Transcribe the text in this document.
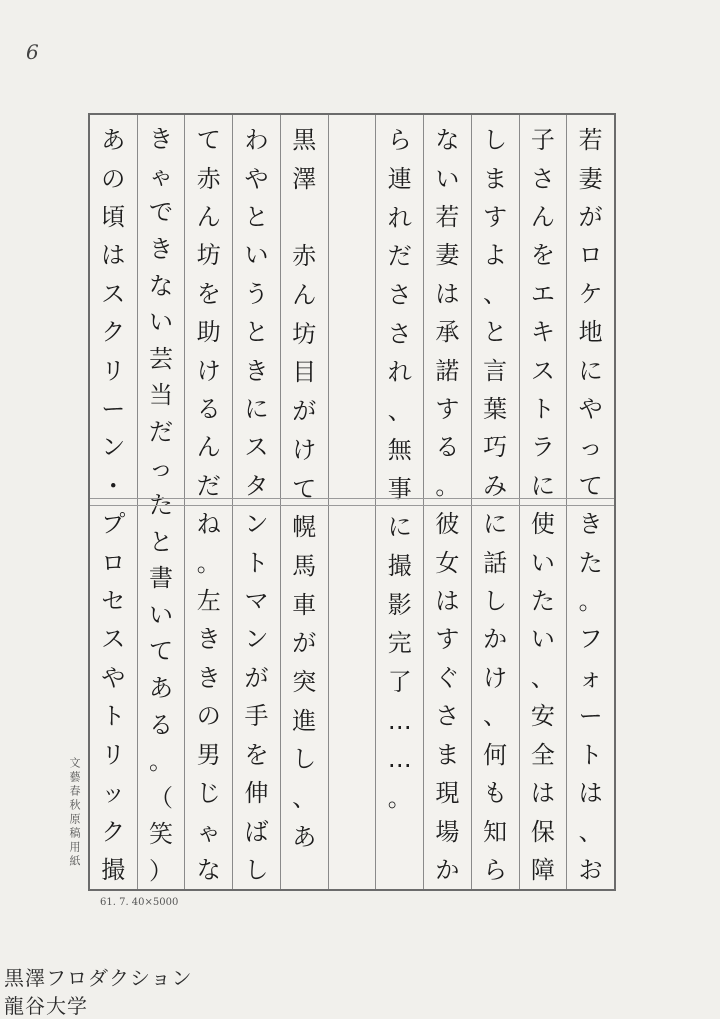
6
若
妻
が
ロ
ケ
地
に
や
っ
て
き
た
。
フ
ォ
ー
ト
は
、
お
子
さ
ん
を
エ
キ
ス
ト
ラ
に
使
い
た
い
、
安
全
は
保
障
し
ま
す
よ
、
と
言
葉
巧
み
に
話
し
か
け
、
何
も
知
ら
な
い
若
妻
は
承
諾
す
る
。
彼
女
は
す
ぐ
さ
ま
現
場
か
ら
連
れ
だ
さ
さ
れ
、
無
事
に
撮
影
完
了
…
…
。
黒
澤
赤
ん
坊
目
が
け
て
幌
馬
車
が
突
進
し
、
あ
わ
や
と
い
う
と
き
に
ス
タ
ン
ト
マ
ン
が
手
を
伸
ば
し
て
赤
ん
坊
を
助
け
る
ん
だ
ね
。
左
き
き
の
男
じ
ゃ
な
き
ゃ
で
き
な
い
芸
当
だ
っ
た
と
書
い
て
あ
る
。
（
笑
）
あ
の
頃
は
ス
ク
リ
ー
ン
・
プ
ロ
セ
ス
や
ト
リ
ッ
ク
撮
文藝春秋原稿用紙
61. 7. 40×5000
黒澤フロダクション
龍谷大学
